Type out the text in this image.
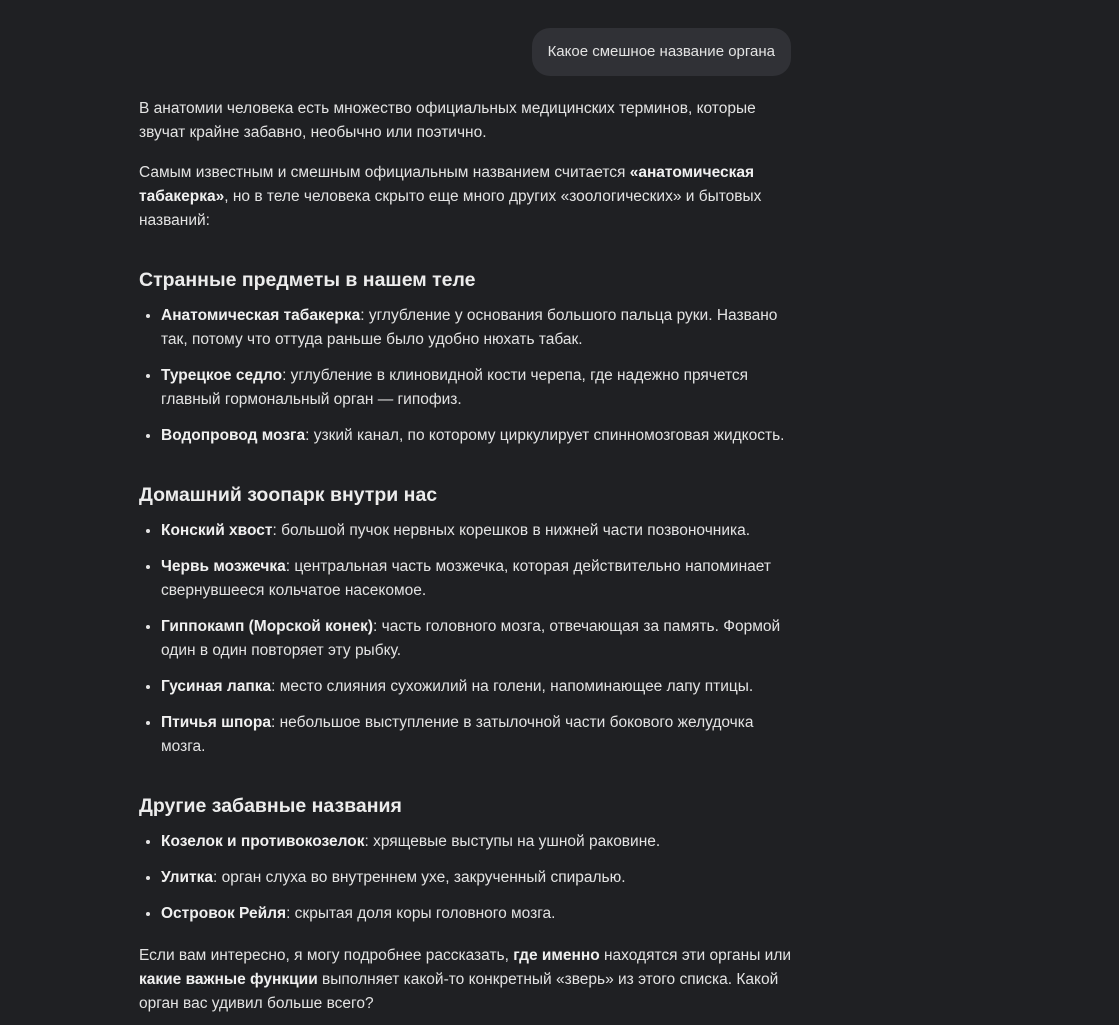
Какое смешное название органа

В анатомии человека есть множество официальных медицинских терминов, которые звучат крайне забавно, необычно или поэтично.

Самым известным и смешным официальным названием считается «анатомическая табакерка», но в теле человека скрыто еще много других «зоологических» и бытовых названий:

Странные предметы в нашем теле
• Анатомическая табакерка: углубление у основания большого пальца руки. Названо так, потому что оттуда раньше было удобно нюхать табак.
• Турецкое седло: углубление в клиновидной кости черепа, где надежно прячется главный гормональный орган — гипофиз.
• Водопровод мозга: узкий канал, по которому циркулирует спинномозговая жидкость.
Домашний зоопарк внутри нас
• Конский хвост: большой пучок нервных корешков в нижней части позвоночника.
• Червь мозжечка: центральная часть мозжечка, которая действительно напоминает свернувшееся кольчатое насекомое.
• Гиппокамп (Морской конек): часть головного мозга, отвечающая за память. Формой один в один повторяет эту рыбку.
• Гусиная лапка: место слияния сухожилий на голени, напоминающее лапу птицы.
• Птичья шпора: небольшое выступление в затылочной части бокового желудочка мозга.
Другие забавные названия
• Козелок и противокозелок: хрящевые выступы на ушной раковине.
• Улитка: орган слуха во внутреннем ухе, закрученный спиралью.
• Островок Рейля: скрытая доля коры головного мозга.

Если вам интересно, я могу подробнее рассказать, где именно находятся эти органы или какие важные функции выполняет какой-то конкретный «зверь» из этого списка. Какой орган вас удивил больше всего?
